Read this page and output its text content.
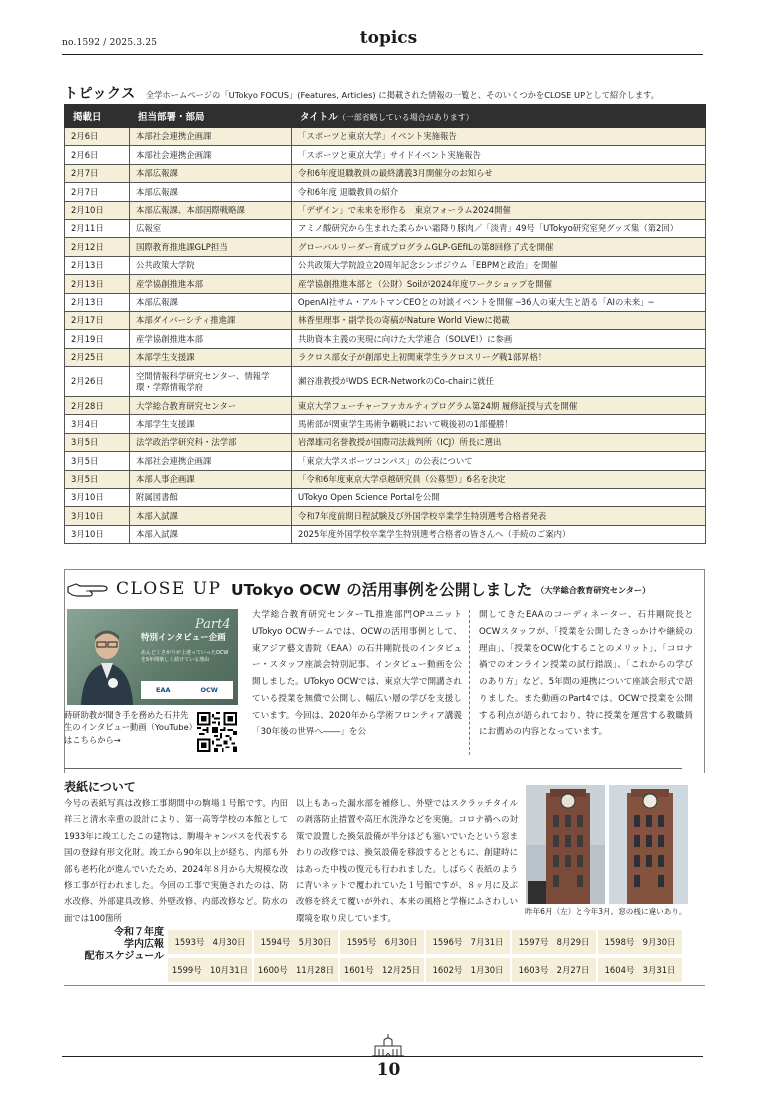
no.1592 / 2025.3.25	topics
トピックス 全学ホームページの「UTokyo FOCUS」(Features, Articles) に掲載された情報の一覧と、そのいくつかをCLOSE UPとして紹介します。
掲載日	担当部署・部局	タイトル（一部省略している場合があります）
2月6日	本部社会連携企画課	「スポーツと東京大学」イベント実施報告
2月6日	本部社会連携企画課	「スポーツと東京大学」サイドイベント実施報告
2月7日	本部広報課	令和6年度退職教員の最終講義3月開催分のお知らせ
2月7日	本部広報課	令和6年度 退職教員の紹介
2月10日	本部広報課、本部国際戦略課	「デザイン」で未来を形作る　東京フォーラム2024開催
2月11日	広報室	アミノ酸研究から生まれた柔らかい霜降り豚肉／「淡青」49号「UTokyo研究室発グッズ集（第2回）
2月12日	国際教育推進課GLP担当	グローバルリーダー育成プログラムGLP-GEfILの第8回修了式を開催
2月13日	公共政策大学院	公共政策大学院設立20周年記念シンポジウム「EBPMと政治」を開催
2月13日	産学協創推進本部	産学協創推進本部と（公財）Soilが2024年度ワークショップを開催
2月13日	本部広報課	OpenAI社サム・アルトマンCEOとの対談イベントを開催 ─36人の東大生と語る「AIの未来」─
2月17日	本部ダイバーシティ推進課	林香里理事・副学長の寄稿がNature World Viewに掲載
2月19日	産学協創推進本部	共助資本主義の実現に向けた大学連合（SOLVE!）に参画
2月25日	本部学生支援課	ラクロス部女子が創部史上初関東学生ラクロスリーグ戦1部昇格！
2月26日	空間情報科学研究センター、情報学環・学際情報学府	瀬谷准教授がWDS ECR-NetworkのCo-chairに就任
2月28日	大学総合教育研究センター	東京大学フューチャーファカルティプログラム第24期 履修証授与式を開催
3月4日	本部学生支援課	馬術部が関東学生馬術争覇戦において戦後初の1部優勝！
3月5日	法学政治学研究科・法学部	岩澤雄司名誉教授が国際司法裁判所（ICJ）所長に選出
3月5日	本部社会連携企画課	「東京大学スポーツコンパス」の公表について
3月5日	本部人事企画課	「令和6年度東京大学卓越研究員（公募型）」6名を決定
3月10日	附属図書館	UTokyo Open Science Portalを公開
3月10日	本部入試課	令和7年度前期日程試験及び外国学校卒業学生特別選考合格者発表
3月10日	本部入試課	2025年度外国学校卒業学生特別選考合格者の皆さんへ（手続のご案内）
CLOSE UP UTokyo OCW の活用事例を公開しました （大学総合教育研究センター）
Part4
特別インタビュー企画
めんどくさがりが上達っていったOCWを5年間楽しく続けている理由
EAA	OCW
蒔研助教が聞き手を務めた石井先生のインタビュー動画（YouTube）はこちらから→
大学総合教育研究センターTL推進部門OPユニットUTokyo OCWチームでは、OCWの活用事例として、東アジア藝文書院（EAA）の石井剛院長のインタビュー・スタッフ座談会特別記事、インタビュー動画を公開しました。UTokyo OCWでは、東京大学で開講されている授業を無償で公開し、幅広い層の学びを支援しています。今回は、2020年から学術フロンティア講義「30年後の世界へ――」を公
開してきたEAAのコーディネーター、石井剛院長とOCWスタッフが、「授業を公開したきっかけや継続の理由」、「授業をOCW化することのメリット」、「コロナ禍でのオンライン授業の試行錯誤」、「これからの学びのあり方」など、5年間の連携について座談会形式で語りました。また動画のPart4では、OCWで授業を公開する利点が語られており、特に授業を運営する教職員にお薦めの内容となっています。
表紙について
今号の表紙写真は改修工事期間中の駒場１号館です。内田祥三と清水幸重の設計により、第一高等学校の本館として1933年に竣工したこの建物は、駒場キャンパスを代表する国の登録有形文化財。竣工から90年以上が経ち、内部も外部も老朽化が進んでいたため、2024年８月から大規模な改修工事が行われました。今回の工事で実施されたのは、防水改修、外部建具改修、外壁改修、内部改修など。防水の面では100箇所
以上もあった漏水部を補修し、外壁ではスクラッチタイルの剥落防止措置や高圧水洗浄などを実施。コロナ禍への対策で設置した換気設備が半分ほども塞いでいたという窓まわりの改修では、換気設備を移設するとともに、創建時にはあった中桟の復元も行われました。しばらく表紙のように青いネットで覆われていた１号館ですが、８ヶ月に及ぶ改修を終えて覆いが外れ、本来の風格と学権にふさわしい環境を取り戻しています。
昨年6月（左）と今年3月。窓の桟に違いあり。
令和７年度
学内広報
配布スケジュール
1593号　4月30日	1594号　5月30日	1595号　6月30日	1596号　7月31日	1597号　8月29日	1598号　9月30日
1599号　10月31日	1600号　11月28日	1601号　12月25日	1602号　1月30日	1603号　2月27日	1604号　3月31日
10
